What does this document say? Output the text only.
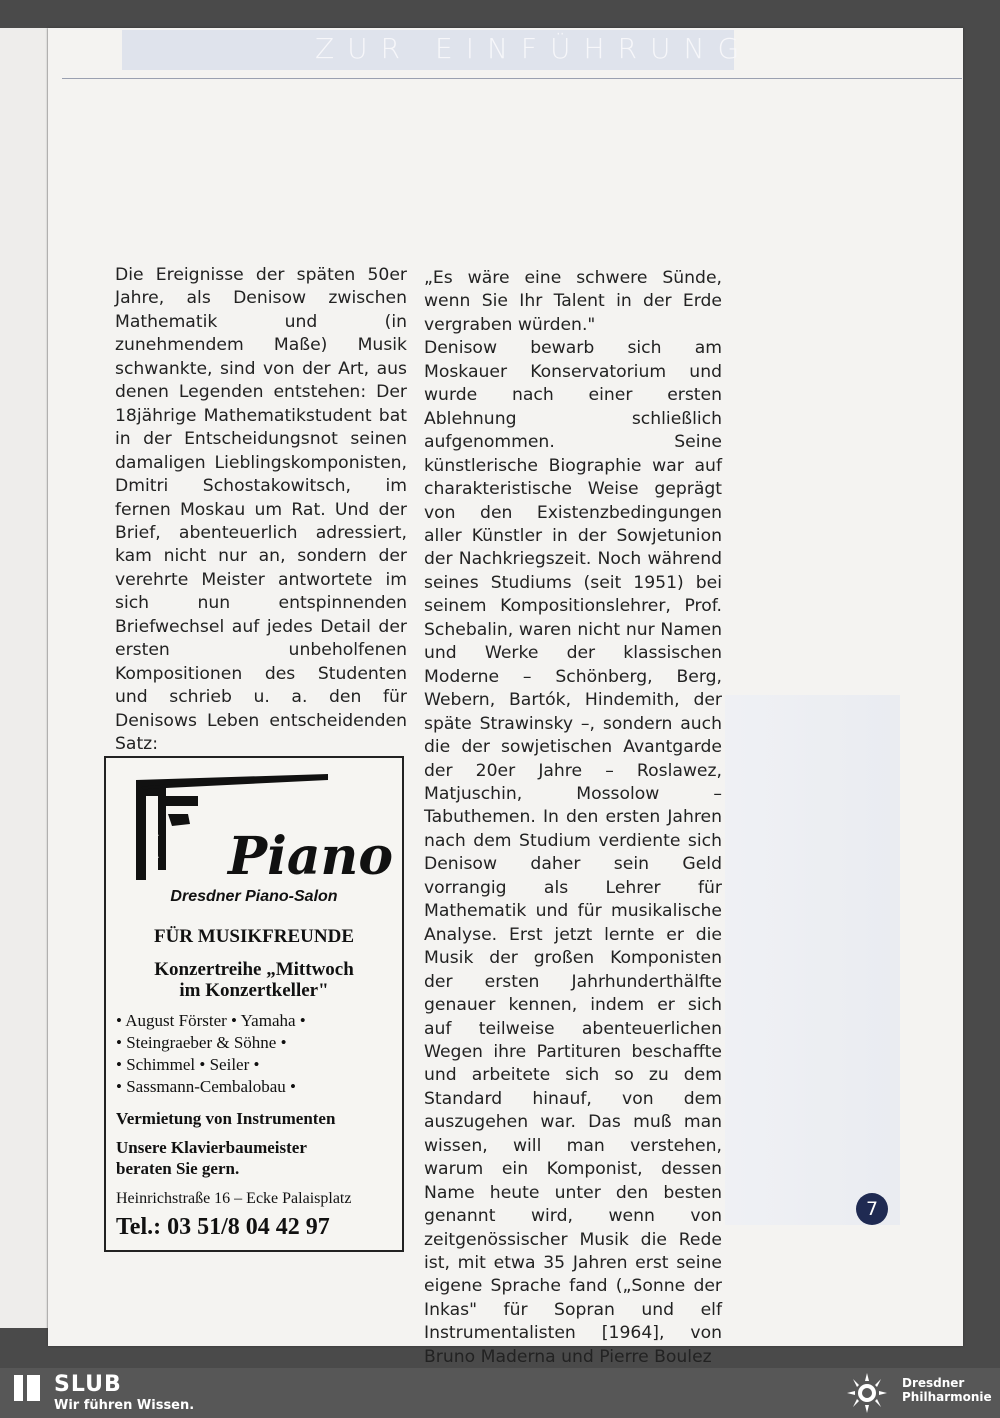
ZUR EINFÜHRUNG

Die Ereignisse der späten 50er Jahre, als Denisow zwischen Mathematik und (in zunehmendem Maße) Musik schwankte, sind von der Art, aus denen Legenden entstehen: Der 18jährige Mathematikstudent bat in der Entscheidungsnot seinen damaligen Lieblingskomponisten, Dmitri Schostakowitsch, im fernen Moskau um Rat. Und der Brief, abenteuerlich adressiert, kam nicht nur an, sondern der verehrte Meister antwortete im sich nun entspinnenden Briefwechsel auf jedes Detail der ersten unbeholfenen Kompositionen des Studenten und schrieb u. a. den für Denisows Leben entscheidenden Satz:

„Es wäre eine schwere Sünde, wenn Sie Ihr Talent in der Erde vergraben würden."

Denisow bewarb sich am Moskauer Konservatorium und wurde nach einer ersten Ablehnung schließlich aufgenommen. Seine künstlerische Biographie war auf charakteristische Weise geprägt von den Existenzbedingungen aller Künstler in der Sowjetunion der Nachkriegszeit. Noch während seines Studiums (seit 1951) bei seinem Kompositionslehrer, Prof. Schebalin, waren nicht nur Namen und Werke der klassischen Moderne – Schönberg, Berg, Webern, Bartók, Hindemith, der späte Strawinsky –, sondern auch die der sowjetischen Avantgarde der 20er Jahre – Roslawez, Matjuschin, Mossolow – Tabuthemen. In den ersten Jahren nach dem Studium verdiente sich Denisow daher sein Geld vorrangig als Lehrer für Mathematik und für musikalische Analyse. Erst jetzt lernte er die Musik der großen Komponisten der ersten Jahrhunderthälfte genauer kennen, indem er sich auf teilweise abenteuerlichen Wegen ihre Partituren beschaffte und arbeitete sich so zu dem Standard hinauf, von dem auszugehen war. Das muß man wissen, will man verstehen, warum ein Komponist, dessen Name heute unter den besten genannt wird, wenn von zeitgenössischer Musik die Rede ist, mit etwa 35 Jahren erst seine eigene Sprache fand („Sonne der Inkas" für Sopran und elf Instrumentalisten [1964], von Bruno Maderna und Pierre Boulez

Piano
Dresdner Piano-Salon
FÜR MUSIKFREUNDE
Konzertreihe „Mittwoch
im Konzertkeller"
• August Förster • Yamaha •
• Steingraeber & Söhne •
• Schimmel • Seiler •
• Sassmann-Cembalobau •
Vermietung von Instrumenten
Unsere Klavierbaumeister
beraten Sie gern.
Heinrichstraße 16 – Ecke Palaisplatz
Tel.: 03 51/8 04 42 97
7
SLUB
Wir führen Wissen.
Dresdner
Philharmonie
